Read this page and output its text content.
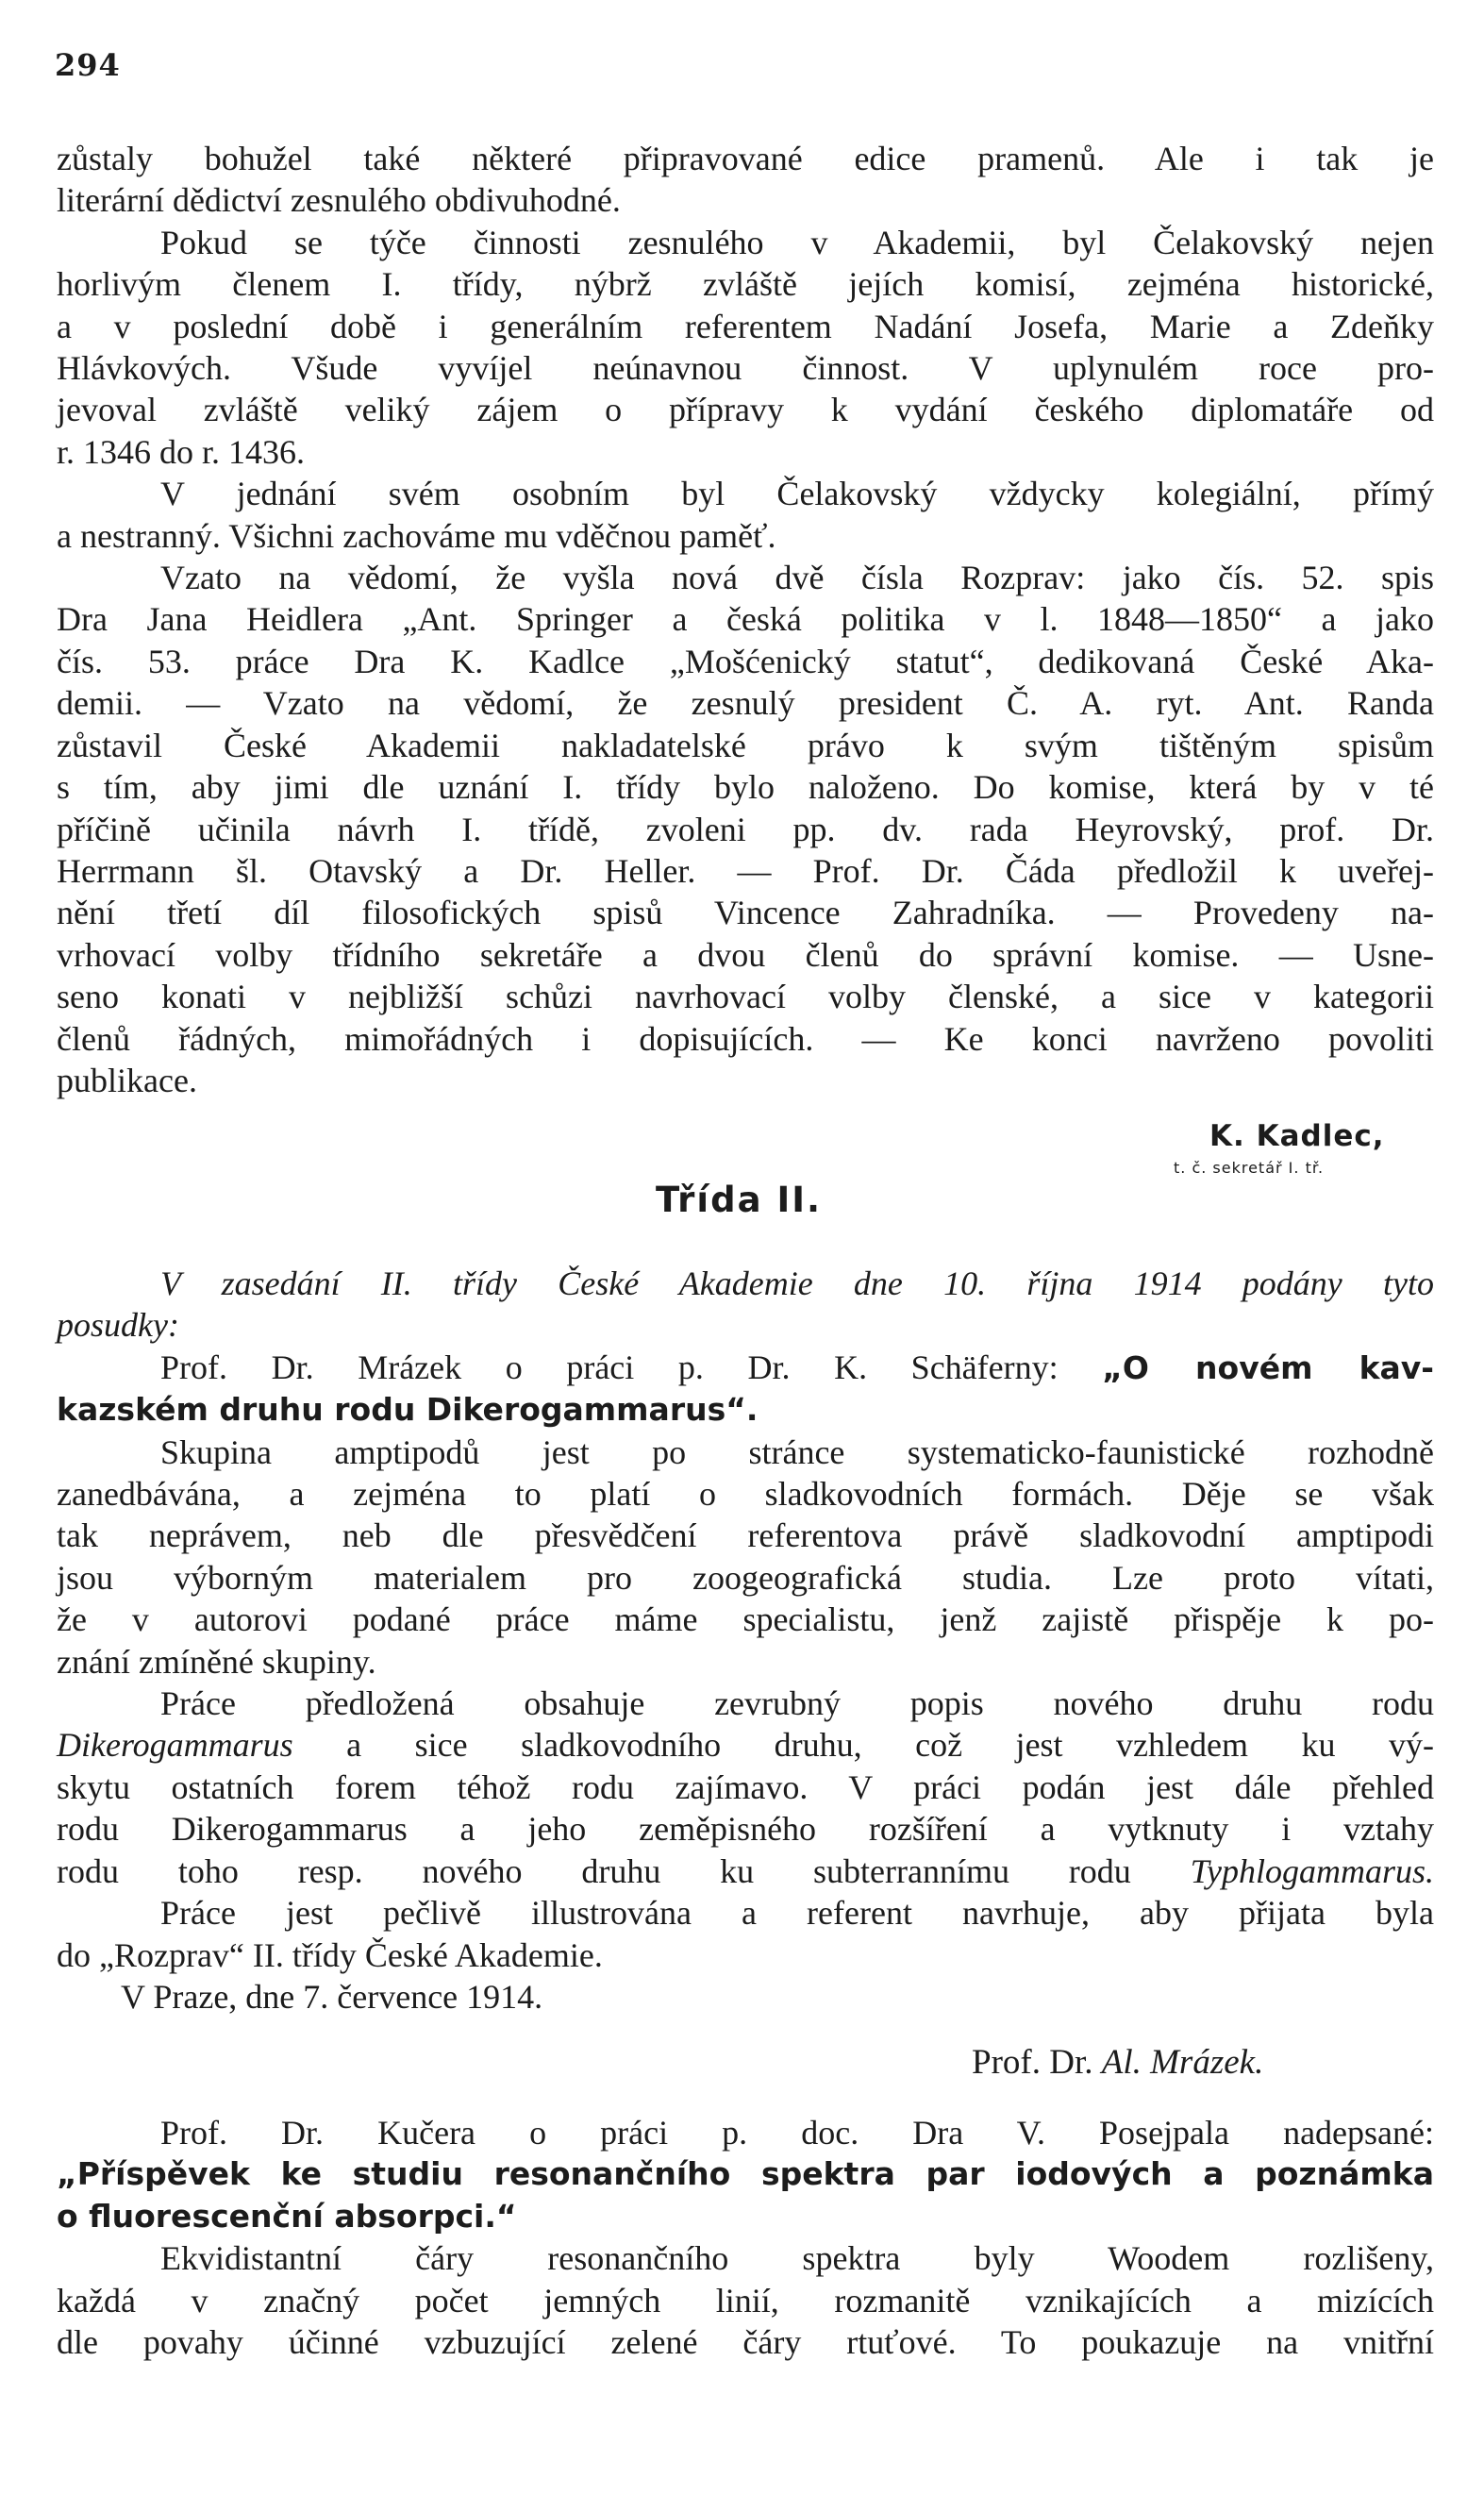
294
zůstaly bohužel také některé připravované edice pramenů. Ale i tak je
literární dědictví zesnulého obdivuhodné.
Pokud se týče činnosti zesnulého v Akademii, byl Čelakovský nejen
horlivým členem I. třídy, nýbrž zvláště jejích komisí, zejména historické,
a v poslední době i generálním referentem Nadání Josefa, Marie a Zdeňky
Hlávkových. Všude vyvíjel neúnavnou činnost. V uplynulém roce pro-
jevoval zvláště veliký zájem o přípravy k vydání českého diplomatáře od
r. 1346 do r. 1436.
V jednání svém osobním byl Čelakovský vždycky kolegiální, přímý
a nestranný. Všichni zachováme mu vděčnou paměť.
Vzato na vědomí, že vyšla nová dvě čísla Rozprav: jako čís. 52. spis
Dra Jana Heidlera „Ant. Springer a česká politika v l. 1848—1850“ a jako
čís. 53. práce Dra K. Kadlce „Mošćenický statut“, dedikovaná České Aka-
demii. — Vzato na vědomí, že zesnulý president Č. A. ryt. Ant. Randa
zůstavil České Akademii nakladatelské právo k svým tištěným spisům
s tím, aby jimi dle uznání I. třídy bylo naloženo. Do komise, která by v té
příčině učinila návrh I. třídě, zvoleni pp. dv. rada Heyrovský, prof. Dr.
Herrmann šl. Otavský a Dr. Heller. — Prof. Dr. Čáda předložil k uveřej-
nění třetí díl filosofických spisů Vincence Zahradníka. — Provedeny na-
vrhovací volby třídního sekretáře a dvou členů do správní komise. — Usne-
seno konati v nejbližší schůzi navrhovací volby členské, a sice v kategorii
členů řádných, mimořádných i dopisujících. — Ke konci navrženo povoliti
publikace.
K. Kadlec,
t. č. sekretář I. tř.
Třída II.
V zasedání II. třídy České Akademie dne 10. října 1914 podány tyto
posudky:
Prof. Dr. Mrázek o práci p. Dr. K. Schäferny: „O novém kav-
kazském druhu rodu Dikerogammarus“.
Skupina amptipodů jest po stránce systematicko-faunistické rozhodně
zanedbávána, a zejména to platí o sladkovodních formách. Děje se však
tak neprávem, neb dle přesvědčení referentova právě sladkovodní amptipodi
jsou výborným materialem pro zoogeografická studia. Lze proto vítati,
že v autorovi podané práce máme specialistu, jenž zajistě přispěje k po-
znání zmíněné skupiny.
Práce předložená obsahuje zevrubný popis nového druhu rodu
Dikerogammarus a sice sladkovodního druhu, což jest vzhledem ku vý-
skytu ostatních forem téhož rodu zajímavo. V práci podán jest dále přehled
rodu Dikerogammarus a jeho zeměpisného rozšíření a vytknuty i vztahy
rodu toho resp. nového druhu ku subterrannímu rodu Typhlogammarus.
Práce jest pečlivě illustrována a referent navrhuje, aby přijata byla
do „Rozprav“ II. třídy České Akademie.
V Praze, dne 7. července 1914.
Prof. Dr. Al. Mrázek.
Prof. Dr. Kučera o práci p. doc. Dra V. Posejpala nadepsané:
„Příspěvek ke studiu resonančního spektra par iodových a poznámka
o fluorescenční absorpci.“
Ekvidistantní čáry resonančního spektra byly Woodem rozlišeny,
každá v značný počet jemných linií, rozmanitě vznikajících a mizících
dle povahy účinné vzbuzující zelené čáry rtuťové. To poukazuje na vnitřní
